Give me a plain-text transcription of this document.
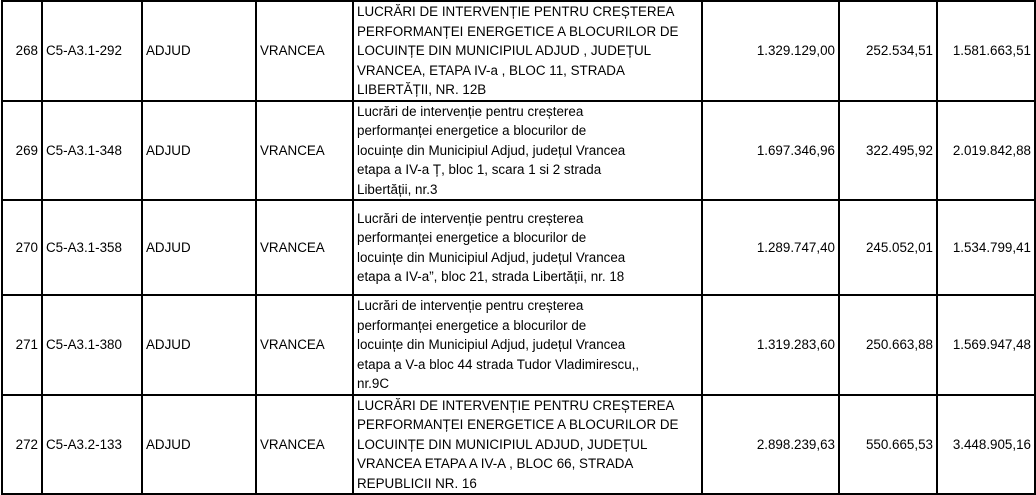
268	C5-A3.1-292	ADJUD	VRANCEA	LUCRĂRI DE INTERVENȚIE PENTRU CREȘTEREA
PERFORMANȚEI ENERGETICE A BLOCURILOR DE
LOCUINȚE DIN MUNICIPIUL ADJUD , JUDEȚUL
VRANCEA, ETAPA IV-a , BLOC 11, STRADA
LIBERTĂȚII, NR. 12B	1.329.129,00	252.534,51	1.581.663,51
269	C5-A3.1-348	ADJUD	VRANCEA	Lucrări de intervenție pentru creșterea
performanței energetice a blocurilor de
locuințe din Municipiul Adjud, județul Vrancea
etapa a IV-a Ț, bloc 1, scara 1 si 2 strada
Libertății, nr.3	1.697.346,96	322.495,92	2.019.842,88
270	C5-A3.1-358	ADJUD	VRANCEA	Lucrări de intervenție pentru creșterea
performanței energetice a blocurilor de
locuințe din Municipiul Adjud, județul Vrancea
etapa a IV-a”, bloc 21, strada Libertății, nr. 18	1.289.747,40	245.052,01	1.534.799,41
271	C5-A3.1-380	ADJUD	VRANCEA	Lucrări de intervenție pentru creșterea
performanței energetice a blocurilor de
locuințe din Municipiul Adjud, județul Vrancea
etapa a V-a bloc 44 strada Tudor Vladimirescu,,
nr.9C	1.319.283,60	250.663,88	1.569.947,48
272	C5-A3.2-133	ADJUD	VRANCEA	LUCRĂRI DE INTERVENȚIE PENTRU CREȘTEREA
PERFORMANȚEI ENERGETICE A BLOCURILOR DE
LOCUINȚE DIN MUNICIPIUL ADJUD, JUDEȚUL
VRANCEA ETAPA A IV-A , BLOC 66, STRADA
REPUBLICII NR. 16	2.898.239,63	550.665,53	3.448.905,16
